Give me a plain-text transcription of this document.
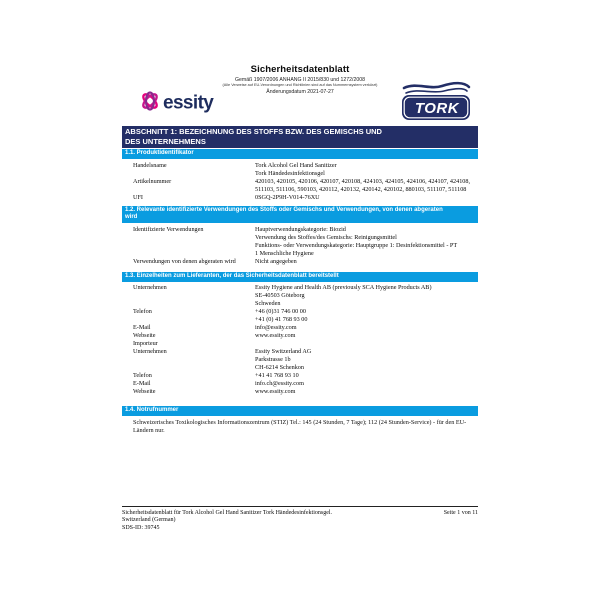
essity
Sicherheitsdatenblatt
Gemäß 1907/2006 ANHANG II 2015/830 und 1272/2008
(Alle Verweise auf EU-Verordnungen und Richtlinien sind auf das Nummernsystem verkürzt)
Änderungsdatum 2021-07-27
TORK
ABSCHNITT 1: BEZEICHNUNG DES STOFFS BZW. DES GEMISCHS UND DES UNTERNEHMENS
1.1. Produktidentifikator
Handelsname	Tork Alcohol Gel Hand Sanitizer
Tork Händedesinfektionsgel
Artikelnummer	420103, 420105, 420106, 420107, 420108, 424103, 424105, 424106, 424107, 424108,
511103, 511106, 590103, 420112, 420132, 420142, 420102, 880103, 511107, 511108
UFI	0SGQ-2P9H-V014-76XU
1.2. Relevante identifizierte Verwendungen des Stoffs oder Gemischs und Verwendungen, von denen abgeraten wird
Identifizierte Verwendungen	Hauptverwendungskategorie: Biozid
Verwendung des Stoffes/des Gemischs: Reinigungsmittel
Funktions- oder Verwendungskategorie: Hauptgruppe 1: Desinfektionsmittel - PT
1 Menschliche Hygiene
Verwendungen von denen abgeraten wird	Nicht angegeben
1.3. Einzelheiten zum Lieferanten, der das Sicherheitsdatenblatt bereitstellt
Unternehmen	Essity Hygiene and Health AB (previously SCA Hygiene Products AB)
SE-40503 Göteborg
Schweden
Telefon	+46 (0)31 746 00 00
+41 (0) 41 768 93 00
E-Mail	info@essity.com
Webseite	www.essity.com
Importeur
Unternehmen	Essity Switzerland AG
Parkstrasse 1b
CH-6214 Schenkon
Telefon	+41 41 768 93 10
E-Mail	info.ch@essity.com
Webseite	www.essity.com
1.4. Notrufnummer
Schweizerisches Toxikologisches Informationszentrum (STIZ) Tel.: 145 (24 Stunden, 7 Tage); 112 (24 Stunden-Service) - für den EU-Ländern nur.
Sicherheitsdatenblatt für Tork Alcohol Gel Hand Sanitizer Tork Händedesinfektionsgel.	Seite 1 von 11
Switzerland (German)
SDS-ID: 39745
